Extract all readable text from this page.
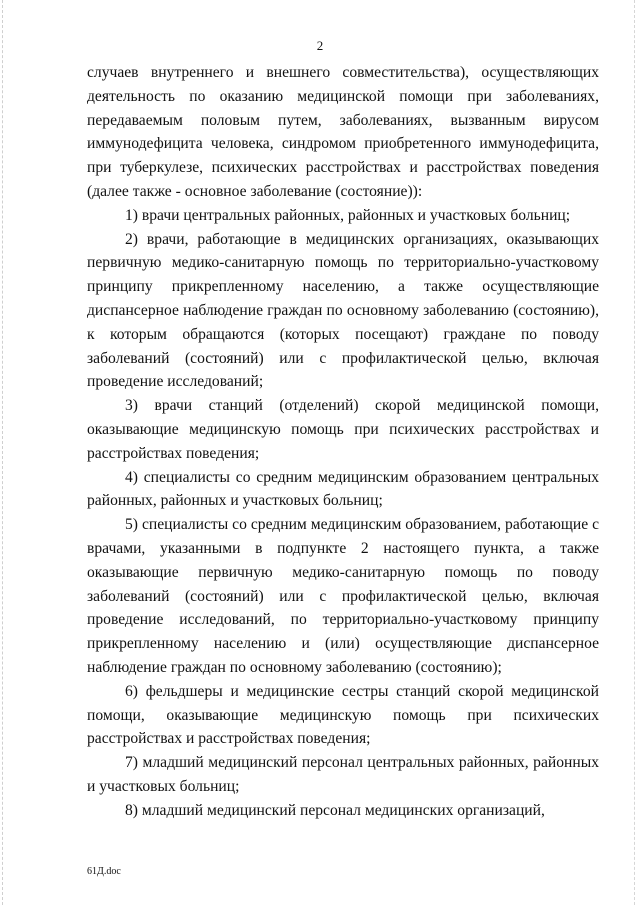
2

случаев внутреннего и внешнего совместительства), осуществляющих деятельность по оказанию медицинской помощи при заболеваниях, передаваемым половым путем, заболеваниях, вызванным вирусом иммунодефицита человека, синдромом приобретенного иммунодефицита, при туберкулезе, психических расстройствах и расстройствах поведения (далее также - основное заболевание (состояние)):

1) врачи центральных районных, районных и участковых больниц;

2) врачи, работающие в медицинских организациях, оказывающих первичную медико-санитарную помощь по территориально-участковому принципу прикрепленному населению, а также осуществляющие диспансерное наблюдение граждан по основному заболеванию (состоянию), к которым обращаются (которых посещают) граждане по поводу заболеваний (состояний) или с профилактической целью, включая проведение исследований;

3) врачи станций (отделений) скорой медицинской помощи, оказывающие медицинскую помощь при психических расстройствах и расстройствах поведения;

4) специалисты со средним медицинским образованием центральных районных, районных и участковых больниц;

5) специалисты со средним медицинским образованием, работающие с врачами, указанными в подпункте 2 настоящего пункта, а также оказывающие первичную медико-санитарную помощь по поводу заболеваний (состояний) или с профилактической целью, включая проведение исследований, по территориально-участковому принципу прикрепленному населению и (или) осуществляющие диспансерное наблюдение граждан по основному заболеванию (состоянию);

6) фельдшеры и медицинские сестры станций скорой медицинской помощи, оказывающие медицинскую помощь при психических расстройствах и расстройствах поведения;

7) младший медицинский персонал центральных районных, районных и участковых больниц;

8) младший медицинский персонал медицинских организаций,

61Д.doc
